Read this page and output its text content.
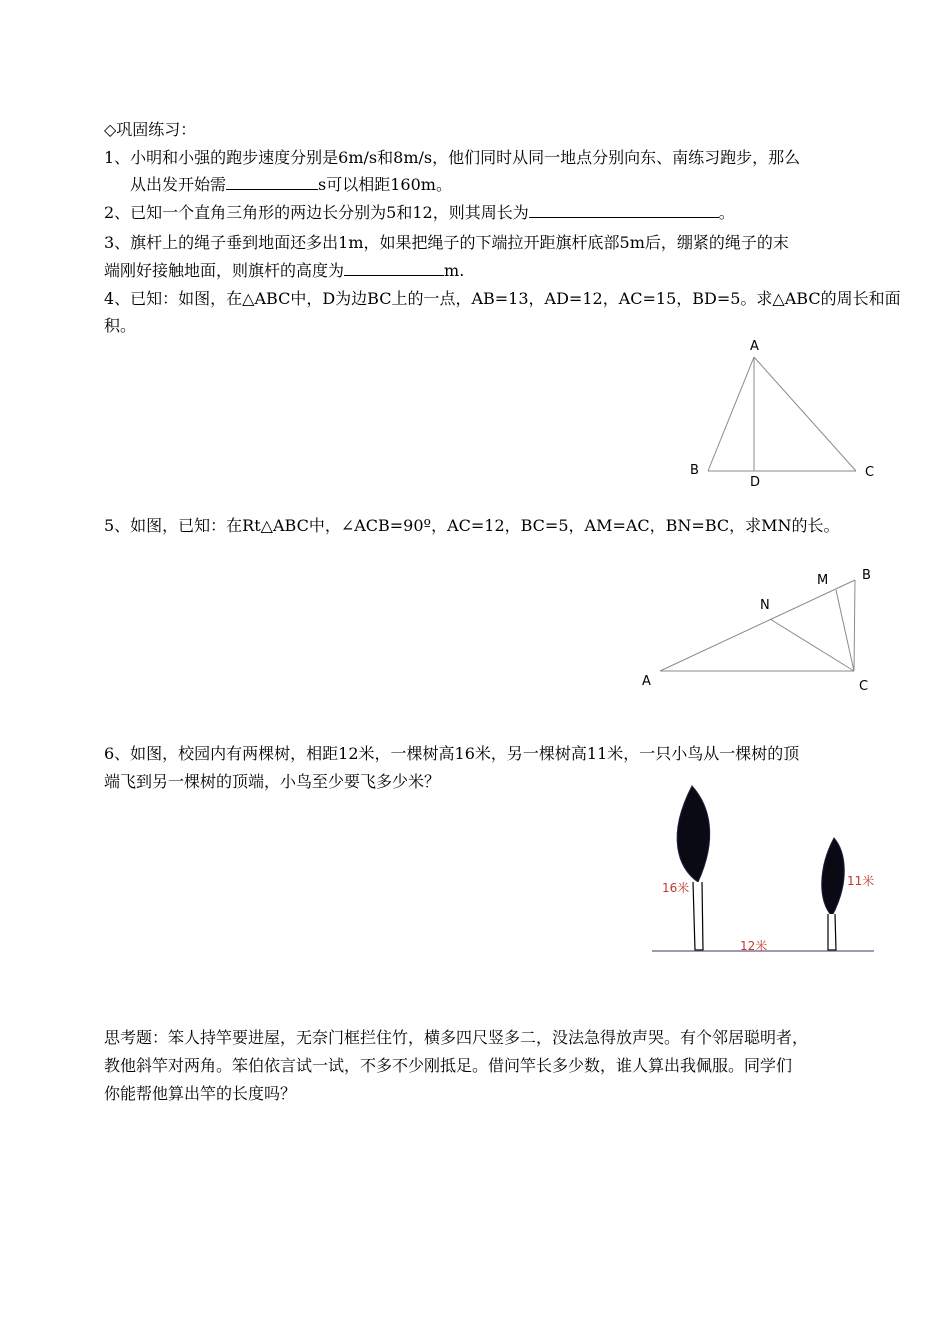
◇巩固练习：
1、小明和小强的跑步速度分别是6m/s和8m/s，他们同时从同一地点分别向东、南练习跑步，那么
从出发开始需	s可以相距160m。
2、已知一个直角三角形的两边长分别为5和12，则其周长为	。
3、旗杆上的绳子垂到地面还多出1m，如果把绳子的下端拉开距旗杆底部5m后，绷紧的绳子的末
端刚好接触地面，则旗杆的高度为	m.
4、已知：如图，在△ABC中，D为边BC上的一点，AB=13，AD=12，AC=15，BD=5。求△ABC的周长和面
积。
A
B	C
D
5、如图，已知：在Rt△ABC中，∠ACB=90º，AC=12，BC=5，AM=AC，BN=BC，求MN的长。
A
B
C
M
N
6、如图，校园内有两棵树，相距12米，一棵树高16米，另一棵树高11米，一只小鸟从一棵树的顶
端飞到另一棵树的顶端，小鸟至少要飞多少米？
16米	11米
12米
思考题：笨人持竿要进屋，无奈门框拦住竹，横多四尺竖多二，没法急得放声哭。有个邻居聪明者，
教他斜竿对两角。笨伯依言试一试，不多不少刚抵足。借问竿长多少数，谁人算出我佩服。同学们
你能帮他算出竿的长度吗？
